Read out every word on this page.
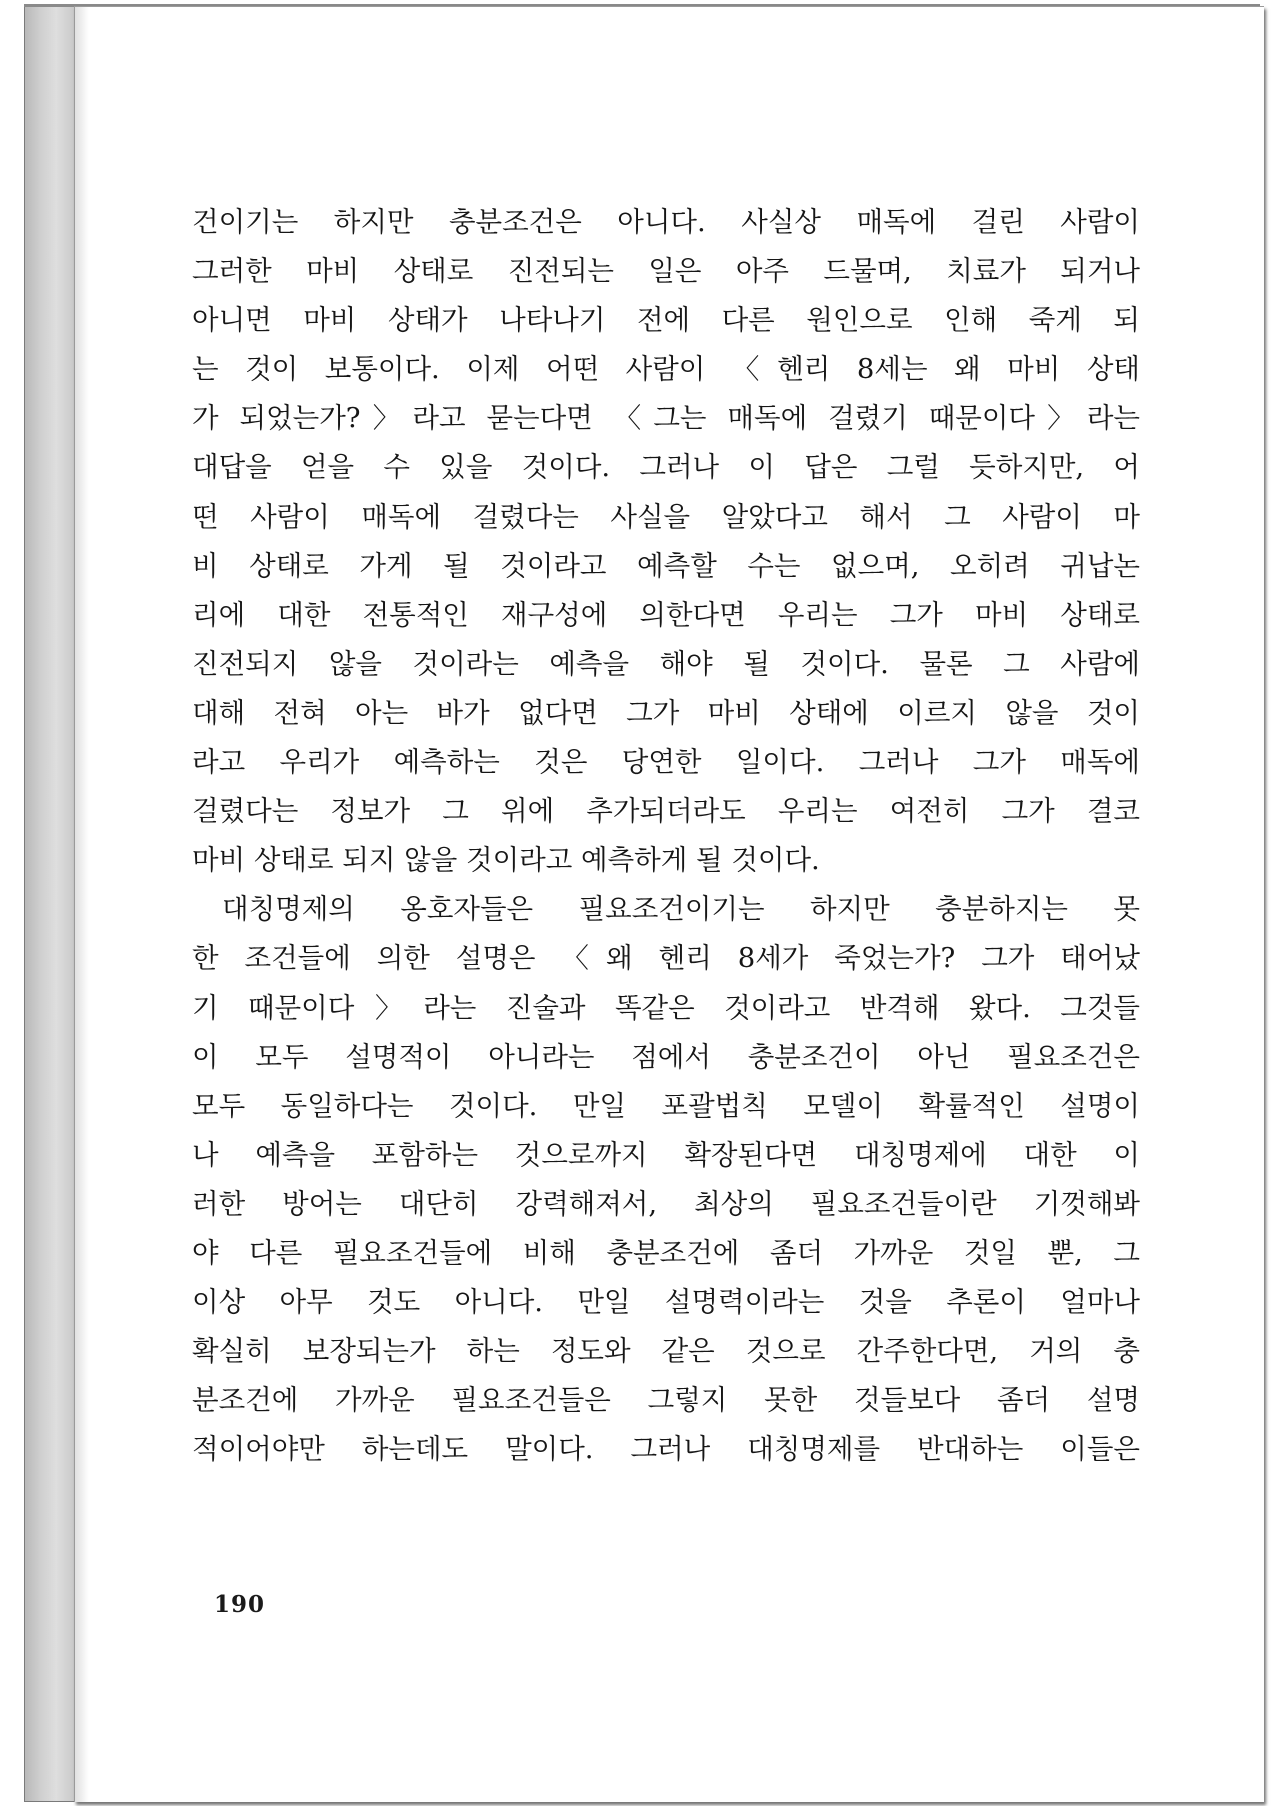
건이기는 하지만 충분조건은 아니다. 사실상 매독에 걸린 사람이
그러한 마비 상태로 진전되는 일은 아주 드물며, 치료가 되거나
아니면 마비 상태가 나타나기 전에 다른 원인으로 인해 죽게 되
는 것이 보통이다. 이제 어떤 사람이 〈헨리 8세는 왜 마비 상태
가 되었는가?〉라고 묻는다면 〈그는 매독에 걸렸기 때문이다〉라는
대답을 얻을 수 있을 것이다. 그러나 이 답은 그럴 듯하지만, 어
떤 사람이 매독에 걸렸다는 사실을 알았다고 해서 그 사람이 마
비 상태로 가게 될 것이라고 예측할 수는 없으며, 오히려 귀납논
리에 대한 전통적인 재구성에 의한다면 우리는 그가 마비 상태로
진전되지 않을 것이라는 예측을 해야 될 것이다. 물론 그 사람에
대해 전혀 아는 바가 없다면 그가 마비 상태에 이르지 않을 것이
라고 우리가 예측하는 것은 당연한 일이다. 그러나 그가 매독에
걸렸다는 정보가 그 위에 추가되더라도 우리는 여전히 그가 결코
마비 상태로 되지 않을 것이라고 예측하게 될 것이다.
대칭명제의 옹호자들은 필요조건이기는 하지만 충분하지는 못
한 조건들에 의한 설명은 〈왜 헨리 8세가 죽었는가? 그가 태어났
기 때문이다〉라는 진술과 똑같은 것이라고 반격해 왔다. 그것들
이 모두 설명적이 아니라는 점에서 충분조건이 아닌 필요조건은
모두 동일하다는 것이다. 만일 포괄법칙 모델이 확률적인 설명이
나 예측을 포함하는 것으로까지 확장된다면 대칭명제에 대한 이
러한 방어는 대단히 강력해져서, 최상의 필요조건들이란 기껏해봐
야 다른 필요조건들에 비해 충분조건에 좀더 가까운 것일 뿐, 그
이상 아무 것도 아니다. 만일 설명력이라는 것을 추론이 얼마나
확실히 보장되는가 하는 정도와 같은 것으로 간주한다면, 거의 충
분조건에 가까운 필요조건들은 그렇지 못한 것들보다 좀더 설명
적이어야만 하는데도 말이다. 그러나 대칭명제를 반대하는 이들은
190
